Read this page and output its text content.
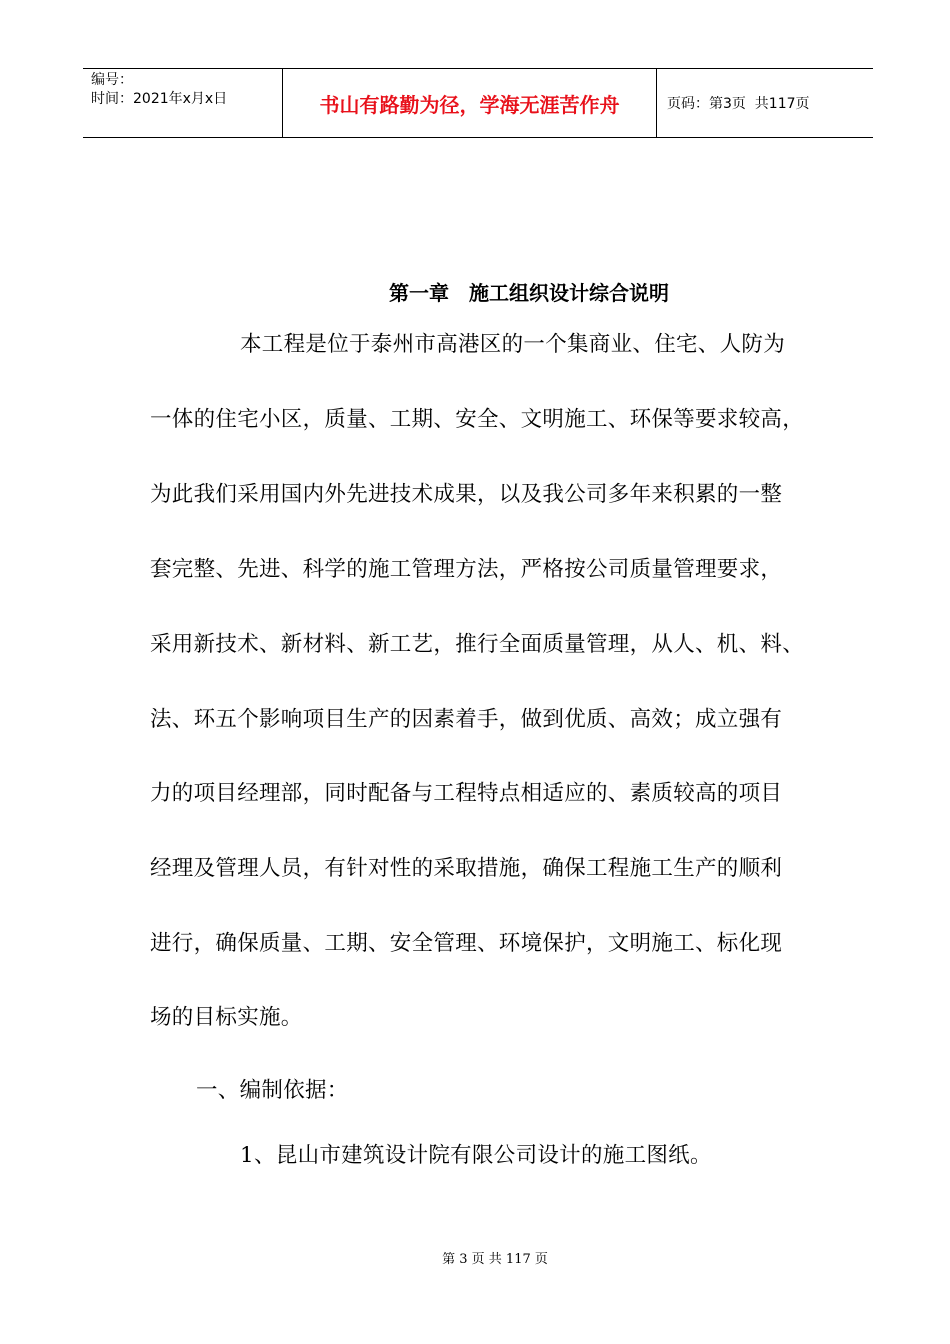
编号：
时间：2021年x月x日	书山有路勤为径，学海无涯苦作舟	页码：第3页  共117页
第一章　施工组织设计综合说明
本工程是位于泰州市高港区的一个集商业、住宅、人防为
一体的住宅小区，质量、工期、安全、文明施工、环保等要求较高，
为此我们采用国内外先进技术成果，以及我公司多年来积累的一整
套完整、先进、科学的施工管理方法，严格按公司质量管理要求，
采用新技术、新材料、新工艺，推行全面质量管理，从人、机、料、
法、环五个影响项目生产的因素着手，做到优质、高效；成立强有
力的项目经理部，同时配备与工程特点相适应的、素质较高的项目
经理及管理人员，有针对性的采取措施，确保工程施工生产的顺利
进行，确保质量、工期、安全管理、环境保护，文明施工、标化现
场的目标实施。
一、编制依据：
1、昆山市建筑设计院有限公司设计的施工图纸。
第 3 页 共 117 页
